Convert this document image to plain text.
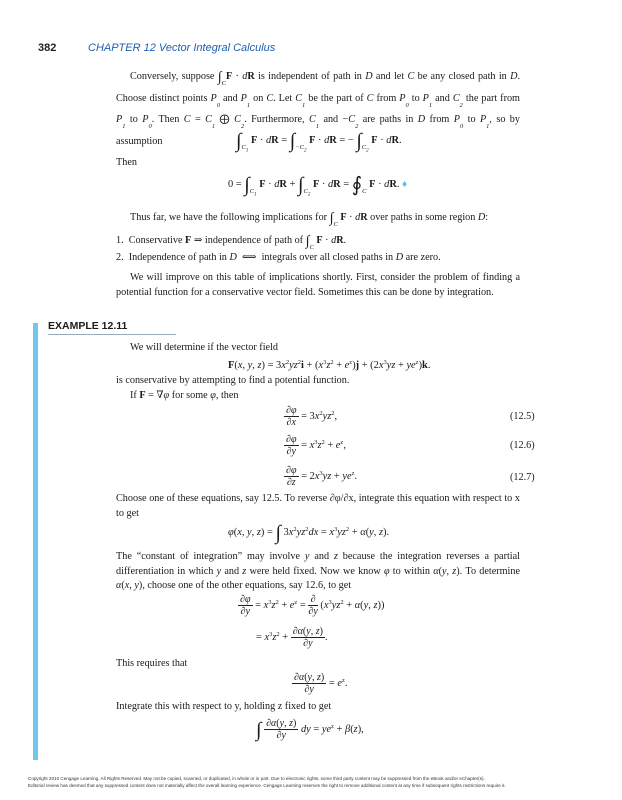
382	CHAPTER 12 Vector Integral Calculus
Conversely, suppose $\int_CF$ · dR is independent of path in D and let C be any closed path in D. Choose distinct points $P_0$ and $P_1$ on C. Let $C_1$ be the part of C from $P_0$ to $P_1$ and $C_2$ the part from $P_1$ to $P_0$. Then $C = C_1$ ⨁ $C_2$. Furthermore, $C_1$ and $-C_2$ are paths in D from $P_0$ to $P_1$, so by assumption	$\int_{C_1}$ F · dR = $\int_{-C_2}$ F · dR = − $\int_{C_2}$ F · dR.
Then
$0 = \int_{C_1}$ F · dR + $\int_{C_2}$ F · dR = $∮_C$ F · dR. ♦
Thus far, we have the following implications for $\int_C$ F · dR over paths in some region D:
1.  Conservative F ⇒ independence of path of $\int_C$ F · dR.
2.  Independence of path in D  ⟺  integrals over all closed paths in D are zero.
We will improve on this table of implications shortly. First, consider the problem of finding a potential function for a conservative vector field. Sometimes this can be done by integration.
EXAMPLE 12.11
We will determine if the vector field
F(x, y, $z) = 3x^2yz^2i + (x^3z^2 + e^z)j + (2x^3yz + ye^z)k$.
is conservative by attempting to find a potential function.
If F = ∇φ for some φ, then
$\frac{\partial\varphi}{\partial x} = 3x^2yz^2$,	(12.5)
$\frac{\partial\varphi}{\partial y} = x^3z^2 + e^z$,	(12.6)
$\frac{\partial\varphi}{\partial z} = 2x^3yz + ye^z$.	(12.7)
Choose one of these equations, say 12.5. To reverse ∂φ/∂x, integrate this equation with respect to x to get
φ(x, y, z) = ∫ $3x^2yz^2dx = x^3yz^2 + \alpha(y$, z).
The “constant of integration” may involve y and z because the integration reverses a partial differentiation in which y and z were held fixed. Now we know φ to within α(y, z). To determine α(x, y), choose one of the other equations, say 12.6, to get
$\frac{\partial\varphi}{\partial y} = x^3z^2 + e^z = \frac{\partial}{\partial y} (x^3yz^2 + \alpha(y$, z))
= $x^3z^2 + \frac{\partial\alpha(y, z)}{\partial y}$ .
This requires that
$\frac{\partial\alpha(y, z)}{\partial y} = e^z$.
Integrate this with respect to y, holding z fixed to get
∫ $\frac{\partial\alpha(y, z)}{\partial y}$ dy = $ye^z + \beta(z)$,
Copyright 2010 Cengage Learning. All Rights Reserved. May not be copied, scanned, or duplicated, in whole or in part. Due to electronic rights, some third party content may be suppressed from the eBook and/or eChapter(s).
Editorial review has deemed that any suppressed content does not materially affect the overall learning experience. Cengage Learning reserves the right to remove additional content at any time if subsequent rights restrictions require it.
